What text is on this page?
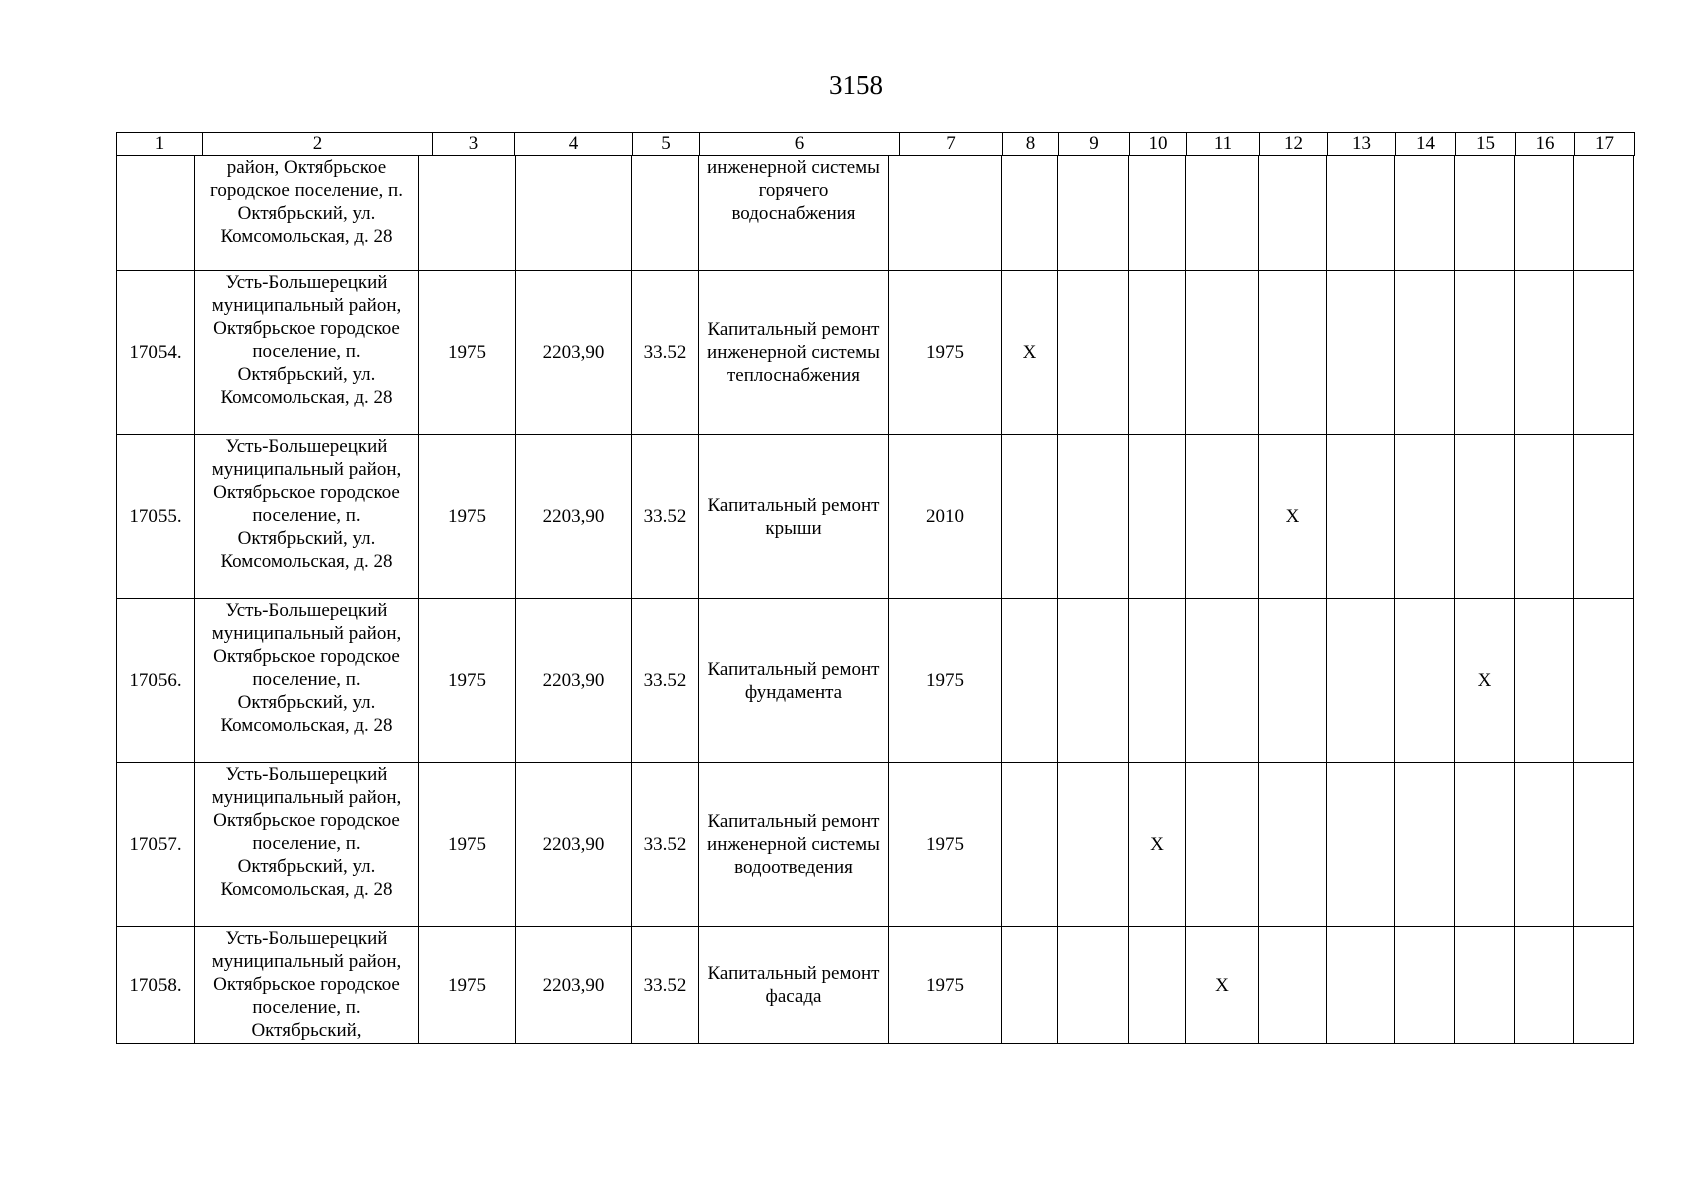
3158
1	2	3	4	5	6	7	8	9	10	11	12	13	14	15	16	17
	район, Октябрьское городское поселение, п. Октябрьский, ул. Комсомольская, д. 28				инженерной системы горячего водоснабжения											
17054.	Усть-Большерецкий муниципальный район, Октябрьское городское поселение, п. Октябрьский, ул. Комсомольская, д. 28	1975	2203,90	33.52	Капитальный ремонт инженерной системы теплоснабжения	1975	X									
17055.	Усть-Большерецкий муниципальный район, Октябрьское городское поселение, п. Октябрьский, ул. Комсомольская, д. 28	1975	2203,90	33.52	Капитальный ремонт крыши	2010					X					
17056.	Усть-Большерецкий муниципальный район, Октябрьское городское поселение, п. Октябрьский, ул. Комсомольская, д. 28	1975	2203,90	33.52	Капитальный ремонт фундамента	1975								X		
17057.	Усть-Большерецкий муниципальный район, Октябрьское городское поселение, п. Октябрьский, ул. Комсомольская, д. 28	1975	2203,90	33.52	Капитальный ремонт инженерной системы водоотведения	1975			X							
17058.	Усть-Большерецкий муниципальный район, Октябрьское городское поселение, п. Октябрьский,	1975	2203,90	33.52	Капитальный ремонт фасада	1975				X						
